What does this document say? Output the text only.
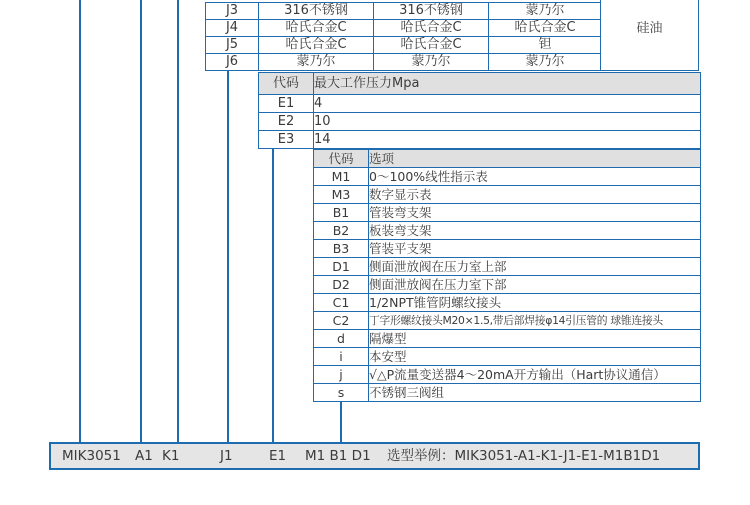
J3	316不锈钢	316不锈钢	蒙乃尔
J4	哈氏合金C	哈氏合金C	哈氏合金C
J5	哈氏合金C	哈氏合金C	钽
J6	蒙乃尔	蒙乃尔	蒙乃尔
硅油
代码	最大工作压力Mpa
E1	4
E2	10
E3	14
代码	选项
M1	0～100%线性指示表
M3	数字显示表
B1	管装弯支架
B2	板装弯支架
B3	管装平支架
D1	侧面泄放阀在压力室上部
D2	侧面泄放阀在压力室下部
C1	1/2NPT锥管阴螺纹接头
C2	丁字形螺纹接头M20×1.5,带后部焊接φ14引压管的 球锥连接头
d	隔爆型
i	本安型
j	√△P流量变送器4～20mA开方输出（Hart协议通信）
s	不锈钢三阀组
MIK3051 A1 K1	J1	E1 M1 B1 D1 选型举例：MIK3051-A1-K1-J1-E1-M1B1D1
